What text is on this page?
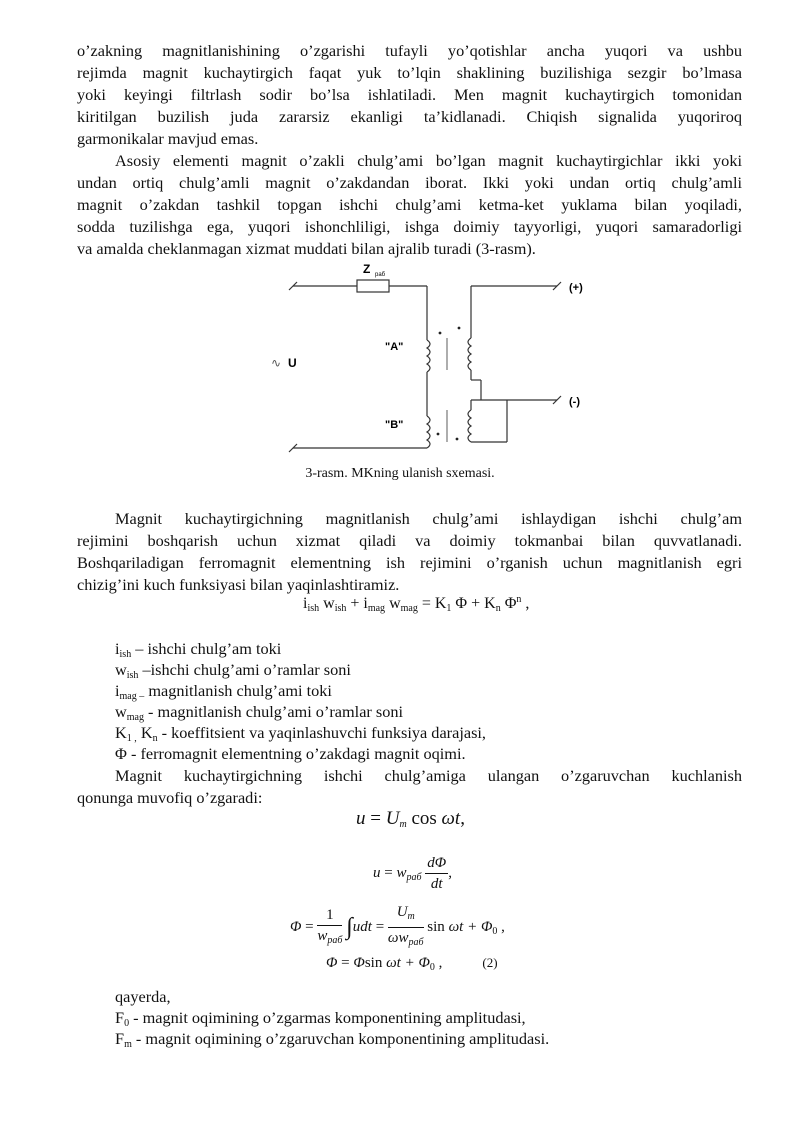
o’zakning magnitlanishining o’zgarishi tufayli yo’qotishlar ancha yuqori va ushbu
rejimda magnit kuchaytirgich faqat yuk to’lqin shaklining buzilishiga sezgir bo’lmasa
yoki keyingi filtrlash sodir bo’lsa ishlatiladi. Men magnit kuchaytirgich tomonidan
kiritilgan buzilish juda zararsiz ekanligi ta’kidlanadi. Chiqish signalida yuqoriroq
garmonikalar mavjud emas.
Asosiy elementi magnit o’zakli chulg’ami bo’lgan magnit kuchaytirgichlar ikki yoki
undan ortiq chulg’amli magnit o’zakdandan iborat. Ikki yoki undan ortiq chulg’amli
magnit o’zakdan tashkil topgan ishchi chulg’ami ketma-ket yuklama bilan yoqiladi,
sodda tuzilishga ega, yuqori ishonchliligi, ishga doimiy tayyorligi, yuqori samaradorligi
va amalda cheklanmagan xizmat muddati bilan ajralib turadi (3-rasm).
Z раб
∿ U
"A"
"B"
(+)
(-)
3-rasm. MKning ulanish sxemasi.
Magnit kuchaytirgichning magnitlanish chulg’ami ishlaydigan ishchi chulg’am
rejimini boshqarish uchun xizmat qiladi va doimiy tokmanbai bilan quvvatlanadi.
Boshqariladigan ferromagnit elementning ish rejimini o’rganish uchun magnitlanish egri
chizig’ini kuch funksiyasi bilan yaqinlashtiramiz.
$i_{ish}$ $w_{ish} + i_{mag}$ $w_{mag} = K_1$ $\Phi + K_n$ $\Phi^n$ ,
$i_{ish}$ – ishchi chulg’am toki
$w_{ish}$ –ishchi chulg’ami o’ramlar soni
$i_{mag -}$ magnitlanish chulg’ami toki
$w_{mag}$ - magnitlanish chulg’ami o’ramlar soni
$K_{1 ,}$ $K_n$ - koeffitsient va yaqinlashuvchi funksiya darajasi,
Φ - ferromagnit elementning o’zakdagi magnit oqimi.
Magnit kuchaytirgichning ishchi chulg’amiga ulangan o’zgaruvchan kuchlanish
qonunga muvofiq o’zgaradi:
$u = U_m$ cos ωt,
$u = w_{раб} \frac{d\Phi}{dt}$ ,
$\Phi = \frac{1}{w_{раб}} \int udt = \frac{U_m}{\omega w_{раб}}$ $\sin \omega t + \Phi_0$ ,
Φ = Φsin $\omega t + \Phi_0$ ,	(2)
qayerda,
$F_0$ - magnit oqimining o’zgarmas komponentining amplitudasi,
$F_m$ - magnit oqimining o’zgaruvchan komponentining amplitudasi.
